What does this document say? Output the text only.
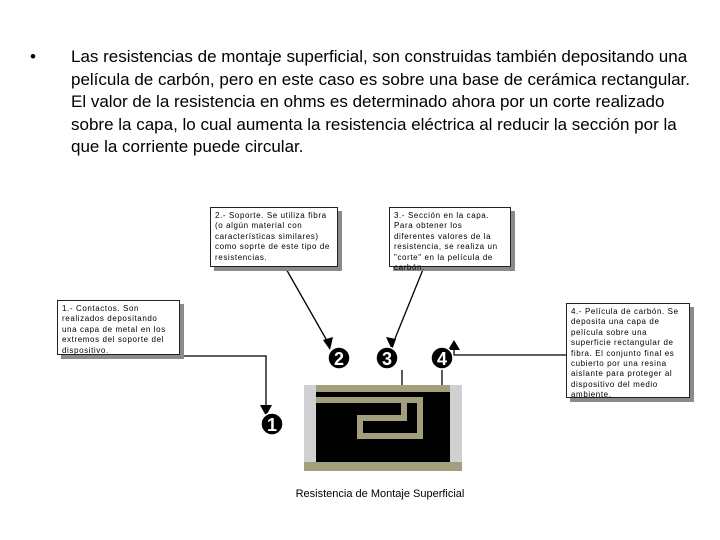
• Las resistencias de montaje superficial, son construidas también depositando una película de carbón, pero en este caso es sobre una base de cerámica rectangular. El valor de la resistencia en ohms es determinado ahora por un corte realizado sobre la capa, lo cual aumenta la resistencia eléctrica al reducir la sección por la que la corriente puede circular.
2 3 4
1
2.- Soporte. Se utiliza fibra (o algún material con características similares) como soprte de este tipo de resistencias.
3.- Sección en la capa. Para obtener los diferentes valores de la resistencia, se realiza un "corte" en la película de carbón.
1.- Contactos. Son realizados depositando una capa de metal en los extremos del soporte del dispositivo.
4.- Película de carbón. Se deposita una capa de película sobre una superficie rectangular de fibra. El conjunto final es cubierto por una resina aislante para proteger al dispositivo del medio ambiente.
Resistencia de Montaje Superficial
